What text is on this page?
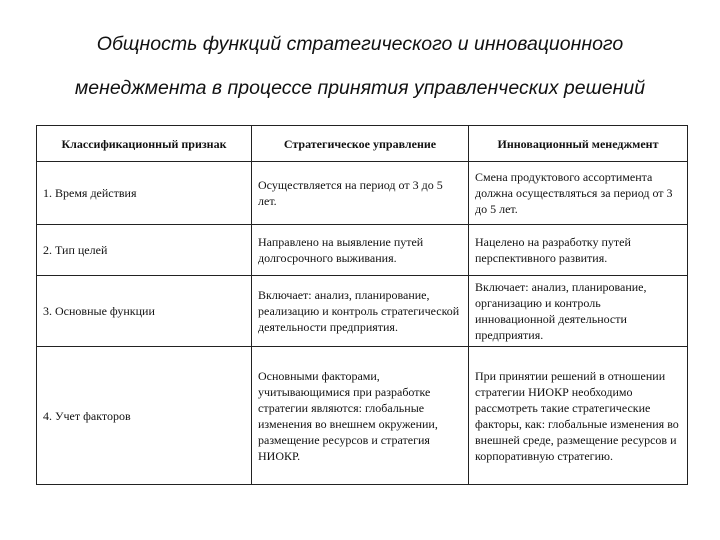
Общность функций стратегического и инновационного
менеджмента в процессе принятия управленческих решений
Классификационный признак	Стратегическое управление	Инновационный менеджмент
1. Время действия	Осуществляется на период от 3 до 5 лет.	Смена продуктового ассортимента должна осуществляться за период от 3 до 5 лет.
2. Тип целей	Направлено на выявление путей долгосрочного выживания.	Нацелено на разработку путей перспективного развития.
3. Основные функции	Включает: анализ, планирование, реализацию и контроль стратегической деятельности предприятия.	Включает: анализ, планирование, организацию и контроль инновационной деятельности предприятия.
4. Учет факторов	Основными факторами, учитывающимися при разработке стратегии являются: глобальные изменения во внешнем окружении, размещение ресурсов и стратегия НИОКР.	При принятии решений в отношении стратегии НИОКР необходимо рассмотреть такие стратегические факторы, как: глобальные изменения во внешней среде, размещение ресурсов и корпоративную стратегию.
